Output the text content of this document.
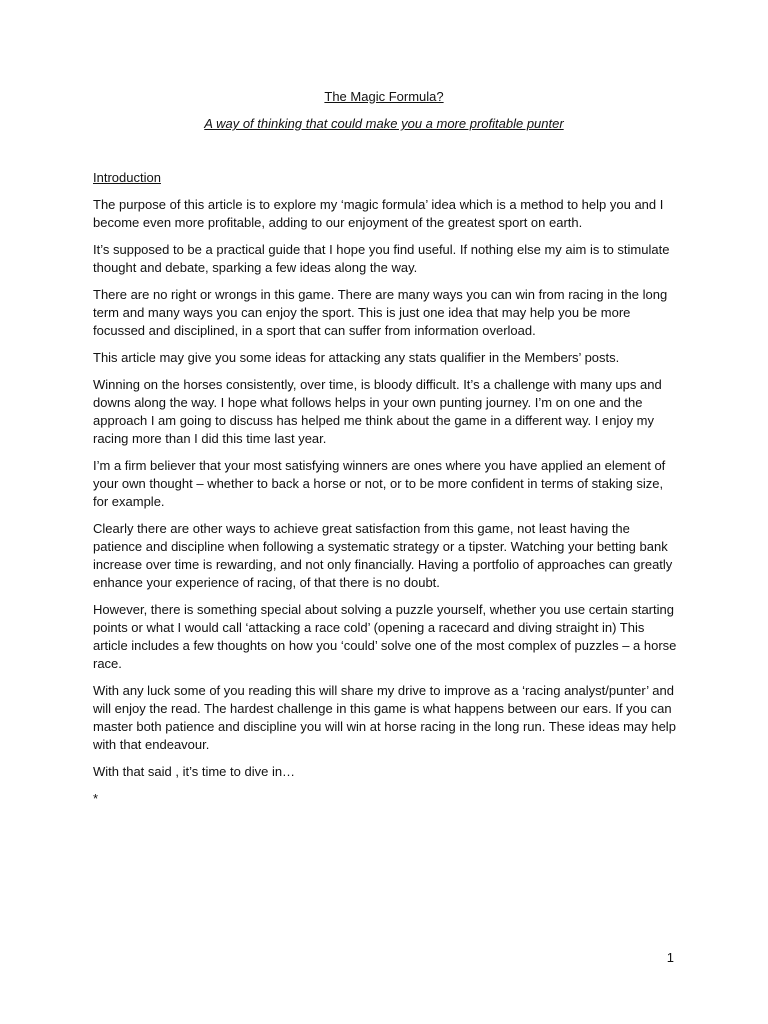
The Magic Formula?
A way of thinking that could make you a more profitable punter

Introduction

The purpose of this article is to explore my ‘magic formula’ idea which is a method to help you and I become even more profitable, adding to our enjoyment of the greatest sport on earth.

It’s supposed to be a practical guide that I hope you find useful. If nothing else my aim is to stimulate thought and debate, sparking a few ideas along the way.

There are no right or wrongs in this game. There are many ways you can win from racing in the long term and many ways you can enjoy the sport. This is just one idea that may help you be more focussed and disciplined, in a sport that can suffer from information overload.

This article may give you some ideas for attacking any stats qualifier in the Members’ posts.

Winning on the horses consistently, over time, is bloody difficult. It’s a challenge with many ups and downs along the way. I hope what follows helps in your own punting journey. I’m on one and the approach I am going to discuss has helped me think about the game in a different way. I enjoy my racing more than I did this time last year.

I’m a firm believer that your most satisfying winners are ones where you have applied an element of your own thought – whether to back a horse or not, or to be more confident in terms of staking size, for example.

Clearly there are other ways to achieve great satisfaction from this game, not least having the patience and discipline when following a systematic strategy or a tipster. Watching your betting bank increase over time is rewarding, and not only financially. Having a portfolio of approaches can greatly enhance your experience of racing, of that there is no doubt.

However, there is something special about solving a puzzle yourself, whether you use certain starting points or what I would call ‘attacking a race cold’ (opening a racecard and diving straight in) This article includes a few thoughts on how you ‘could’ solve one of the most complex of puzzles – a horse race.

With any luck some of you reading this will share my drive to improve as a ‘racing analyst/punter’ and will enjoy the read. The hardest challenge in this game is what happens between our ears. If you can master both patience and discipline you will win at horse racing in the long run. These ideas may help with that endeavour.

With that said , it’s time to dive in…

*

1
